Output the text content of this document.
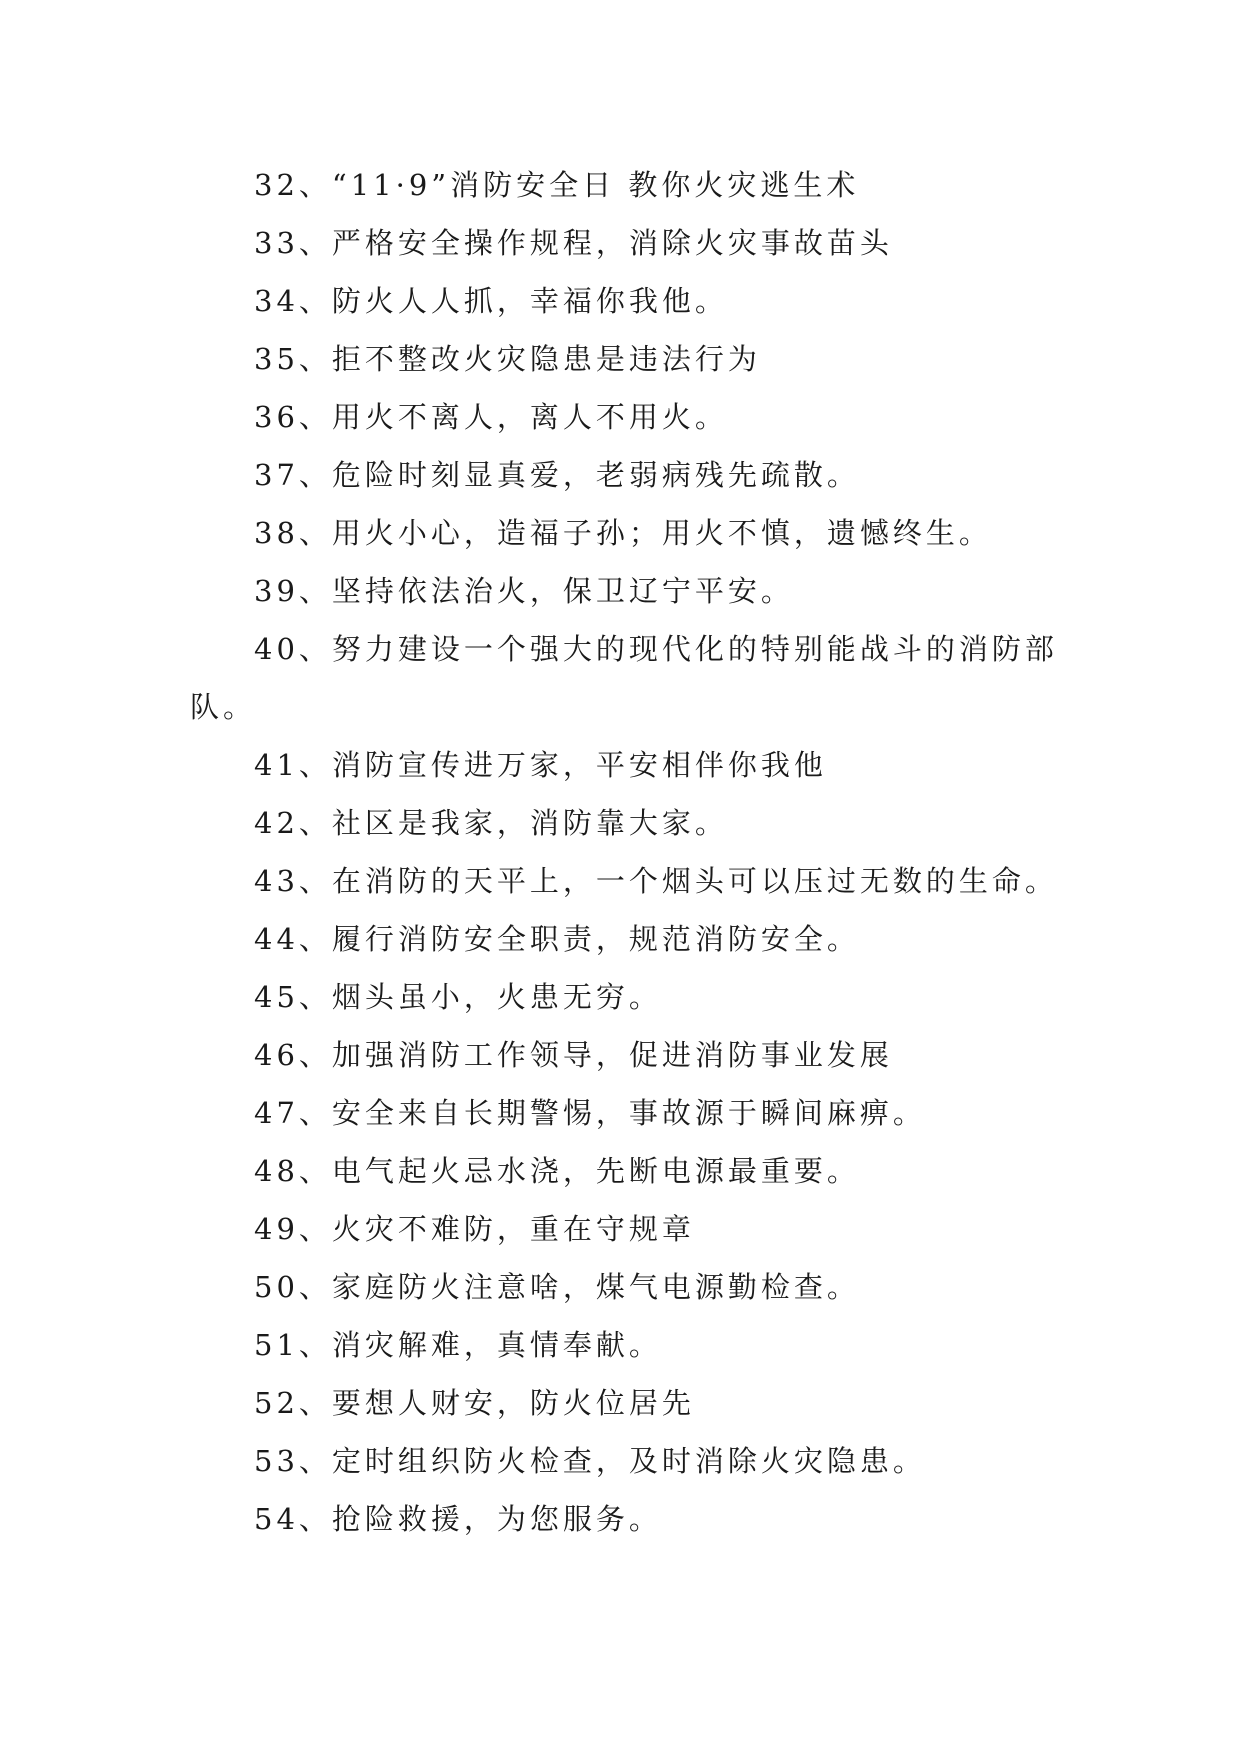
32、“11·9”消防安全日 教你火灾逃生术
33、严格安全操作规程，消除火灾事故苗头
34、防火人人抓，幸福你我他。
35、拒不整改火灾隐患是违法行为
36、用火不离人，离人不用火。
37、危险时刻显真爱，老弱病残先疏散。
38、用火小心，造福子孙；用火不慎，遗憾终生。
39、坚持依法治火，保卫辽宁平安。
40、努力建设一个强大的现代化的特别能战斗的消防部
队。
41、消防宣传进万家，平安相伴你我他
42、社区是我家，消防靠大家。
43、在消防的天平上，一个烟头可以压过无数的生命。
44、履行消防安全职责，规范消防安全。
45、烟头虽小，火患无穷。
46、加强消防工作领导，促进消防事业发展
47、安全来自长期警惕，事故源于瞬间麻痹。
48、电气起火忌水浇，先断电源最重要。
49、火灾不难防，重在守规章
50、家庭防火注意啥，煤气电源勤检查。
51、消灾解难，真情奉献。
52、要想人财安，防火位居先
53、定时组织防火检查，及时消除火灾隐患。
54、抢险救援，为您服务。
